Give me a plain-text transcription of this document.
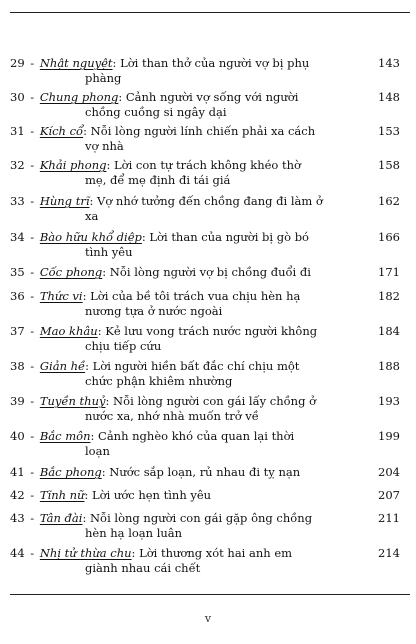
29 - Nhật nguyệt: Lời than thở của người vợ bị phụ	143
phàng
30 - Chung phong: Cảnh người vợ sống với người	148
chồng cuồng si ngây dại
31 - Kích cổ: Nỗi lòng người lính chiến phải xa cách	153
vợ nhà
32 - Khải phong: Lời con tự trách không khéo thờ	158
mẹ, để mẹ định đi tái giá
33 - Hùng trĩ: Vợ nhớ tưởng đến chồng đang đi làm ở	162
xa
34 - Bào hữu khổ diệp: Lời than của người bị gò bó	166
tình yêu
35 - Cốc phong: Nỗi lòng người vợ bị chồng đuổi đi	171
36 - Thức vi: Lời của bề tôi trách vua chịu hèn hạ	182
nương tựa ở nước ngoài
37 - Mao khâu: Kẻ lưu vong trách nước người không	184
chịu tiếp cứu
38 - Giản hề: Lời người hiền bất đắc chí chịu một	188
chức phận khiêm nhường
39 - Tuyền thuỷ: Nỗi lòng người con gái lấy chồng ở	193
nước xa, nhớ nhà muốn trở về
40 - Bắc môn: Cảnh nghèo khó của quan lại thời	199
loạn
41 - Bắc phong: Nước sắp loạn, rủ nhau đi tỵ nạn	204
42 - Tĩnh nữ: Lời ước hẹn tình yêu	207
43 - Tân đài: Nỗi lòng người con gái gặp ông chồng	211
hèn hạ loạn luân
44 - Nhị tử thừa chu: Lời thương xót hai anh em	214
giành nhau cái chết
v
